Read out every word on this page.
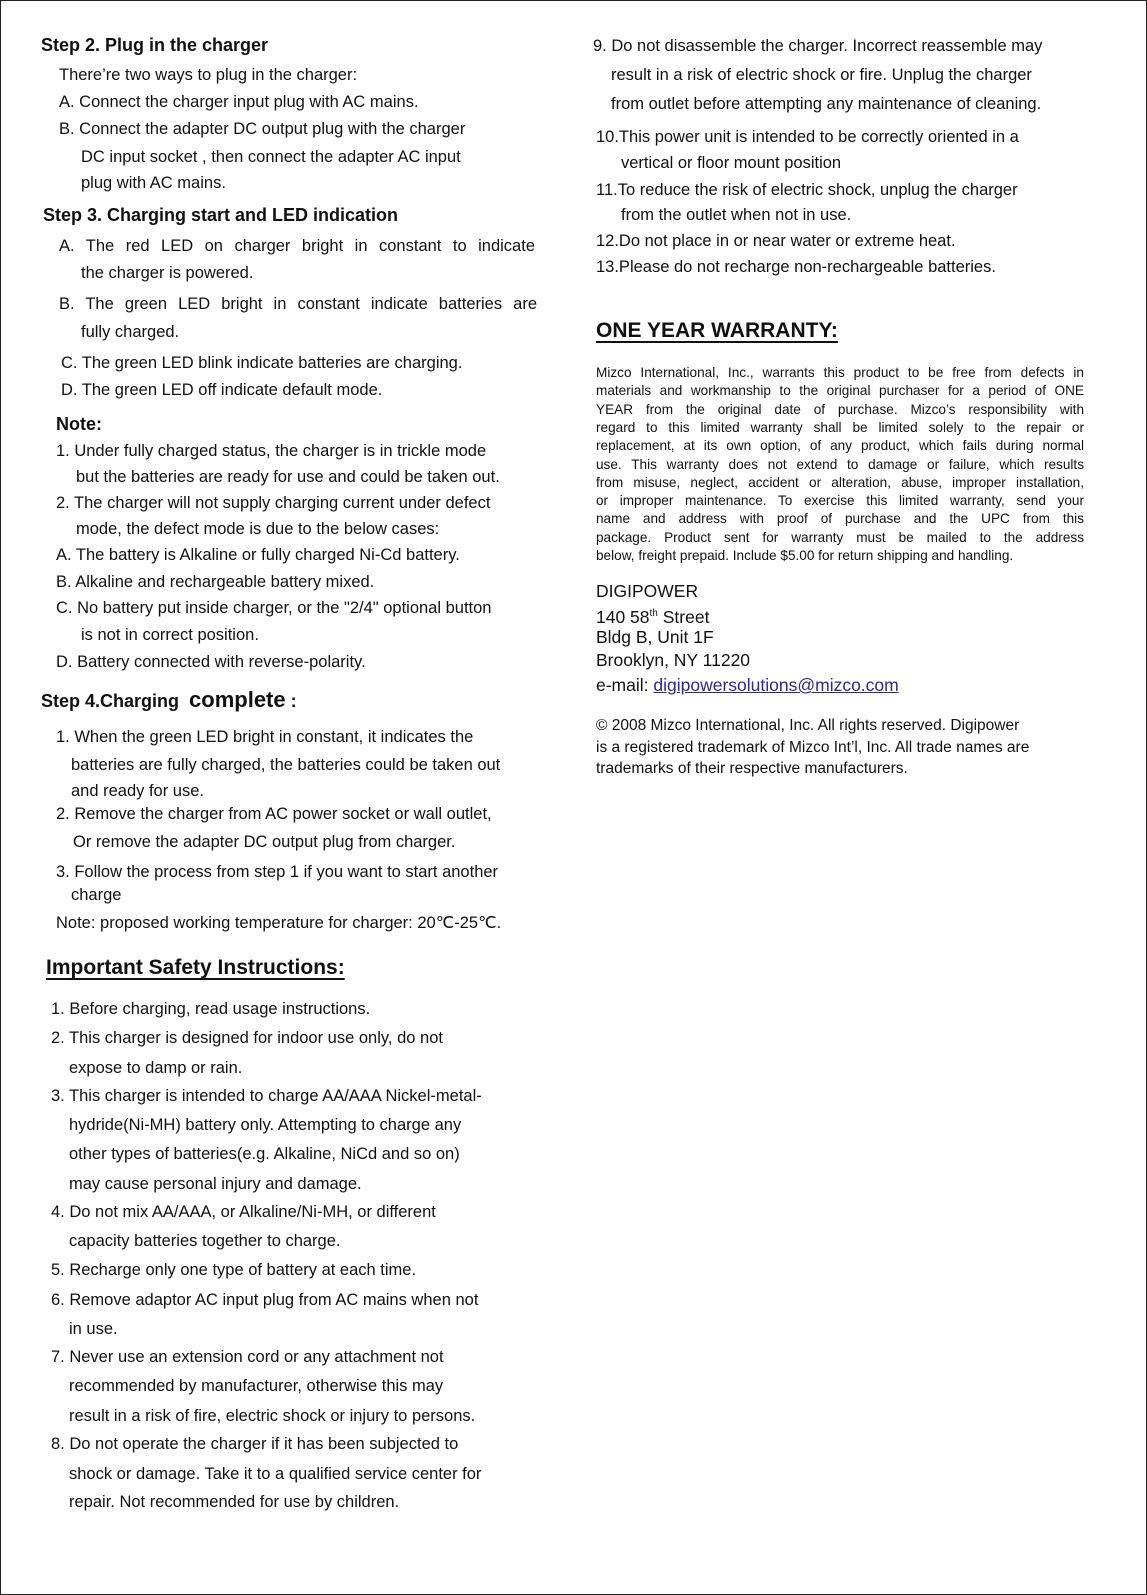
Step 2. Plug in the charger
There’re two ways to plug in the charger:
A. Connect the charger input plug with AC mains.
B. Connect the adapter DC output plug with the charger
DC input socket , then connect the adapter AC input
plug with AC mains.
Step 3. Charging start and LED indication
A. The red LED on charger bright in constant to indicate
the charger is powered.
B. The green LED bright in constant indicate batteries are
fully charged.
C. The green LED blink indicate batteries are charging.
D. The green LED off indicate default mode.
Note:
1. Under fully charged status, the charger is in trickle mode
but the batteries are ready for use and could be taken out.
2. The charger will not supply charging current under defect
mode, the defect mode is due to the below cases:
A. The battery is Alkaline or fully charged Ni-Cd battery.
B. Alkaline and rechargeable battery mixed.
C. No battery put inside charger, or the "2/4" optional button
is not in correct position.
D. Battery connected with reverse-polarity.
1. When the green LED bright in constant, it indicates the
batteries are fully charged, the batteries could be taken out
and ready for use.
2. Remove the charger from AC power socket or wall outlet,
Or remove the adapter DC output plug from charger.
3. Follow the process from step 1 if you want to start another
charge
Note: proposed working temperature for charger: 20℃-25℃.
Important Safety Instructions:
1. Before charging, read usage instructions.
2. This charger is designed for indoor use only, do not
expose to damp or rain.
3. This charger is intended to charge AA/AAA Nickel-metal-
hydride(Ni-MH) battery only. Attempting to charge any
other types of batteries(e.g. Alkaline, NiCd and so on)
may cause personal injury and damage.
4. Do not mix AA/AAA, or Alkaline/Ni-MH, or different
capacity batteries together to charge.
5. Recharge only one type of battery at each time.
6. Remove adaptor AC input plug from AC mains when not
in use.
7. Never use an extension cord or any attachment not
recommended by manufacturer, otherwise this may
result in a risk of fire, electric shock or injury to persons.
8. Do not operate the charger if it has been subjected to
shock or damage. Take it to a qualified service center for
repair. Not recommended for use by children.
9. Do not disassemble the charger. Incorrect reassemble may
result in a risk of electric shock or fire. Unplug the charger
from outlet before attempting any maintenance of cleaning.
10.This power unit is intended to be correctly oriented in a
vertical or floor mount position
11.To reduce the risk of electric shock, unplug the charger
from the outlet when not in use.
12.Do not place in or near water or extreme heat.
13.Please do not recharge non-rechargeable batteries.
ONE YEAR WARRANTY:
DIGIPOWER
Bldg B, Unit 1F
Brooklyn, NY 11220
© 2008 Mizco International, Inc. All rights reserved. Digipower
is a registered trademark of Mizco Int’l, Inc. All trade names are
trademarks of their respective manufacturers.
Mizco International, Inc., warrants this product to be free from defects in
materials and workmanship to the original purchaser for a period of ONE
YEAR from the original date of purchase. Mizco’s responsibility with
regard to this limited warranty shall be limited solely to the repair or
replacement, at its own option, of any product, which fails during normal
use. This warranty does not extend to damage or failure, which results
from misuse, neglect, accident or alteration, abuse, improper installation,
or improper maintenance. To exercise this limited warranty, send your
name and address with proof of purchase and the UPC from this
package. Product sent for warranty must be mailed to the address
below, freight prepaid. Include $5.00 for return shipping and handling.
Step 4.Charging complete :
140 58th Street
e-mail: digipowersolutions@mizco.com
